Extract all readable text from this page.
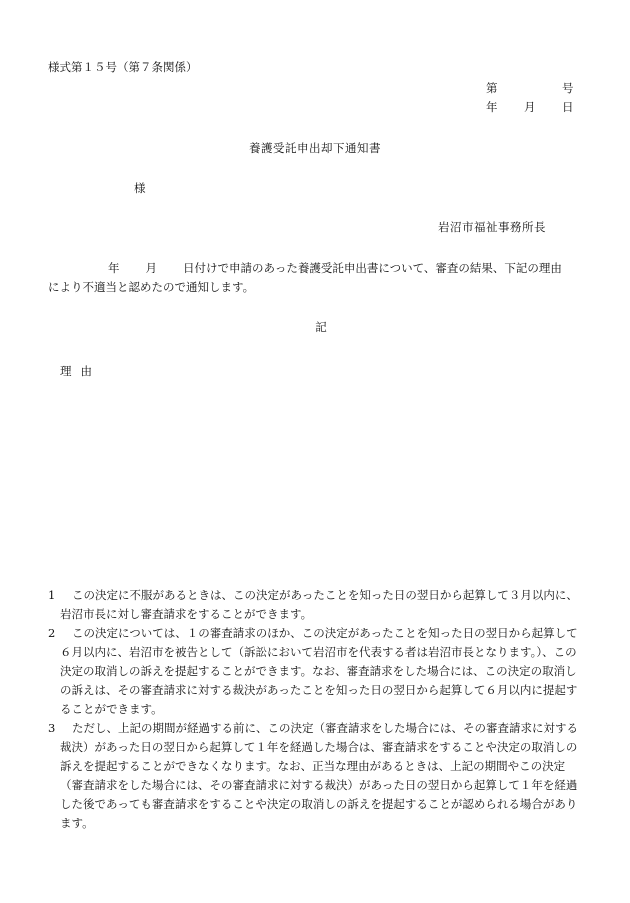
様式第１５号（第７条関係）
第	号
年 月 日
養護受託申出却下通知書
様
岩沼市福祉事務所長
年 月 日付けで申請のあった養護受託申出書について、審査の結果、下記の理由
により不適当と認めたので通知します。
記
理由

1	この決定に不服があるときは、この決定があったことを知った日の翌日から起算して３月以内に、岩沼市長に対し審査請求をすることができます。

2	この決定については、１の審査請求のほか、この決定があったことを知った日の翌日から起算して６月以内に、岩沼市を被告として（訴訟において岩沼市を代表する者は岩沼市長となります。）、この決定の取消しの訴えを提起することができます。なお、審査請求をした場合には、この決定の取消しの訴えは、その審査請求に対する裁決があったことを知った日の翌日から起算して６月以内に提起することができます。

3	ただし、上記の期間が経過する前に、この決定（審査請求をした場合には、その審査請求に対する裁決）があった日の翌日から起算して１年を経過した場合は、審査請求をすることや決定の取消しの訴えを提起することができなくなります。なお、正当な理由があるときは、上記の期間やこの決定（審査請求をした場合には、その審査請求に対する裁決）があった日の翌日から起算して１年を経過した後であっても審査請求をすることや決定の取消しの訴えを提起することが認められる場合があります。
